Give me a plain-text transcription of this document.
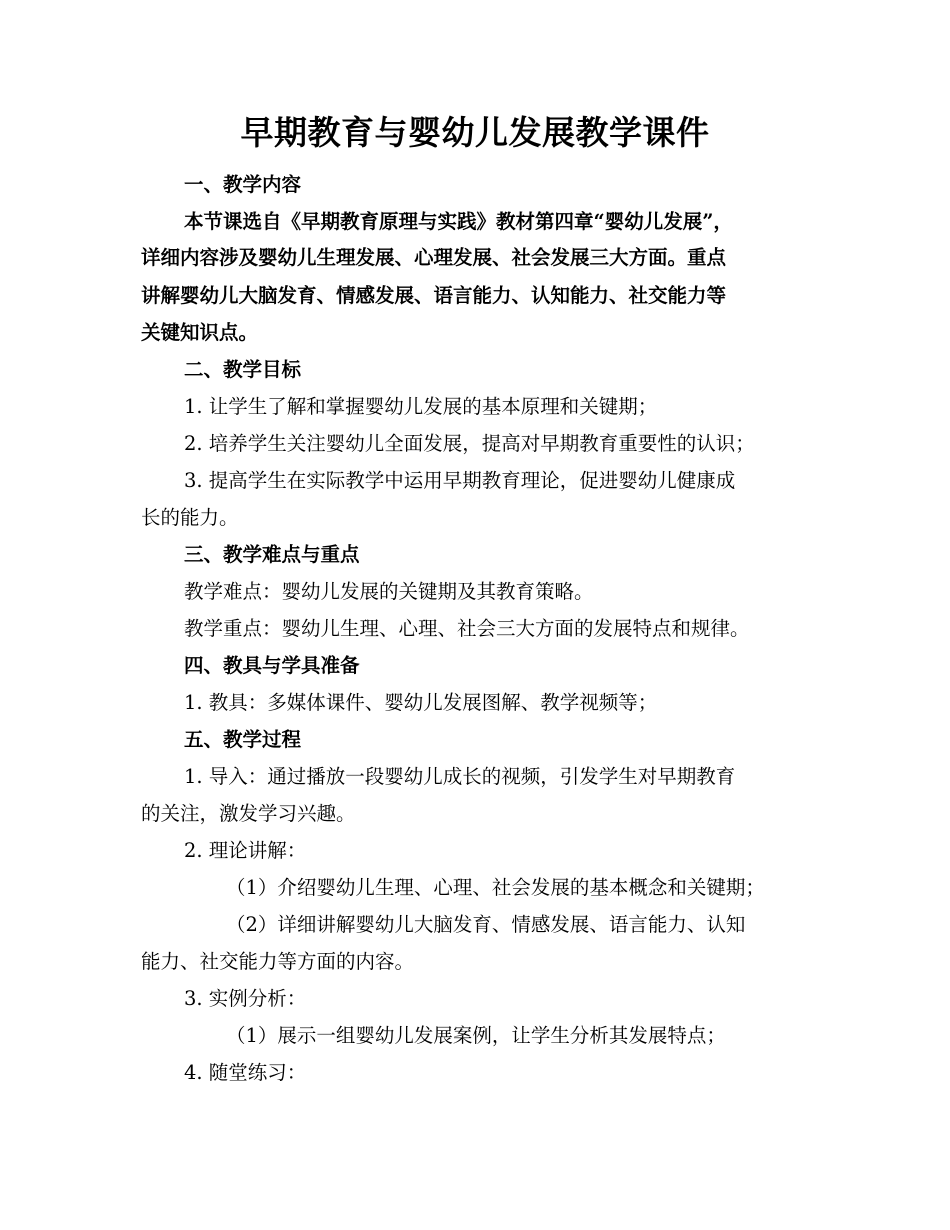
早期教育与婴幼儿发展教学课件

一、教学内容

本节课选自《早期教育原理与实践》教材第四章“婴幼儿发展”，

详细内容涉及婴幼儿生理发展、心理发展、社会发展三大方面。重点

讲解婴幼儿大脑发育、情感发展、语言能力、认知能力、社交能力等

关键知识点。

二、教学目标

1. 让学生了解和掌握婴幼儿发展的基本原理和关键期；

2. 培养学生关注婴幼儿全面发展，提高对早期教育重要性的认识；

3. 提高学生在实际教学中运用早期教育理论，促进婴幼儿健康成

长的能力。

三、教学难点与重点

教学难点：婴幼儿发展的关键期及其教育策略。

教学重点：婴幼儿生理、心理、社会三大方面的发展特点和规律。

四、教具与学具准备

1. 教具：多媒体课件、婴幼儿发展图解、教学视频等；

五、教学过程

1. 导入：通过播放一段婴幼儿成长的视频，引发学生对早期教育

的关注，激发学习兴趣。

2. 理论讲解：

（1）介绍婴幼儿生理、心理、社会发展的基本概念和关键期；

（2）详细讲解婴幼儿大脑发育、情感发展、语言能力、认知

能力、社交能力等方面的内容。

3. 实例分析：

（1）展示一组婴幼儿发展案例，让学生分析其发展特点；

4. 随堂练习：
